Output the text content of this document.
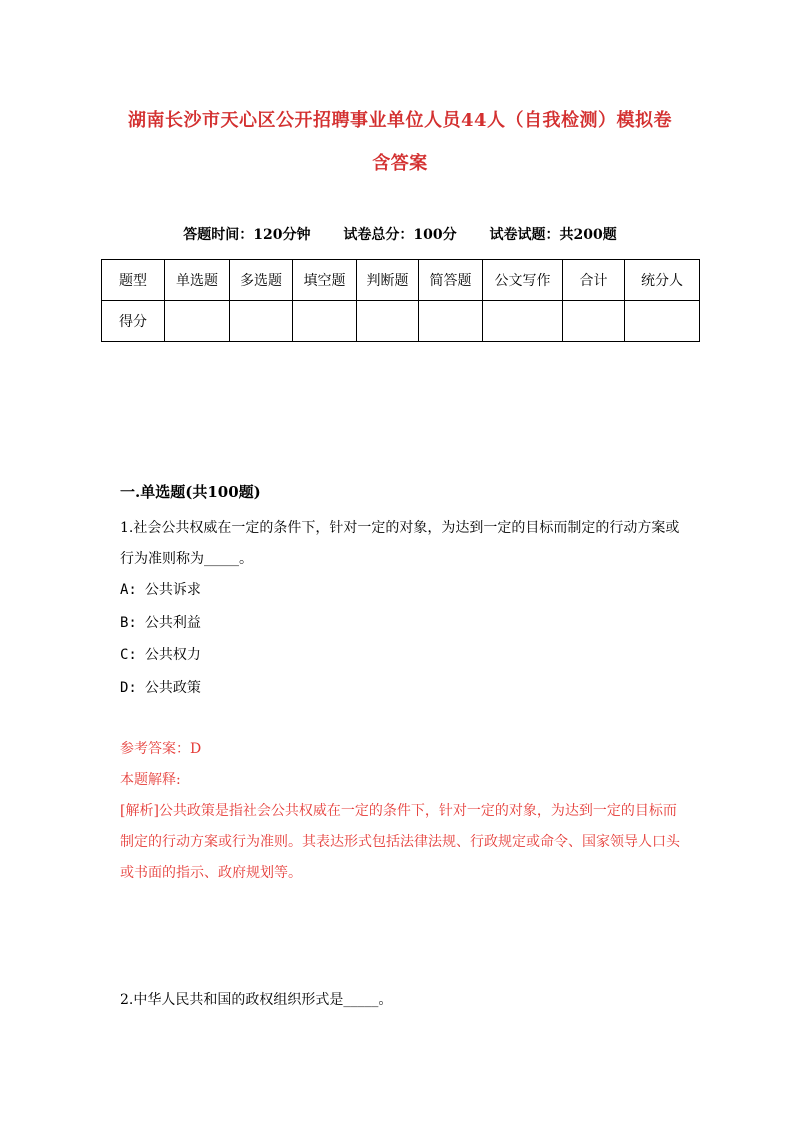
湖南长沙市天心区公开招聘事业单位人员44人（自我检测）模拟卷
含答案
答题时间：120分钟 试卷总分：100分 试卷试题：共200题
题型	单选题	多选题	填空题	判断题	简答题	公文写作	合计	统分人
得分								
一.单选题(共100题)
1.社会公共权威在一定的条件下，针对一定的对象，为达到一定的目标而制定的行动方案或行为准则称为_____。
A: 公共诉求
B: 公共利益
C: 公共权力
D: 公共政策
参考答案：D
本题解释:
[解析]公共政策是指社会公共权威在一定的条件下，针对一定的对象，为达到一定的目标而制定的行动方案或行为准则。其表达形式包括法律法规、行政规定或命令、国家领导人口头或书面的指示、政府规划等。
2.中华人民共和国的政权组织形式是_____。
